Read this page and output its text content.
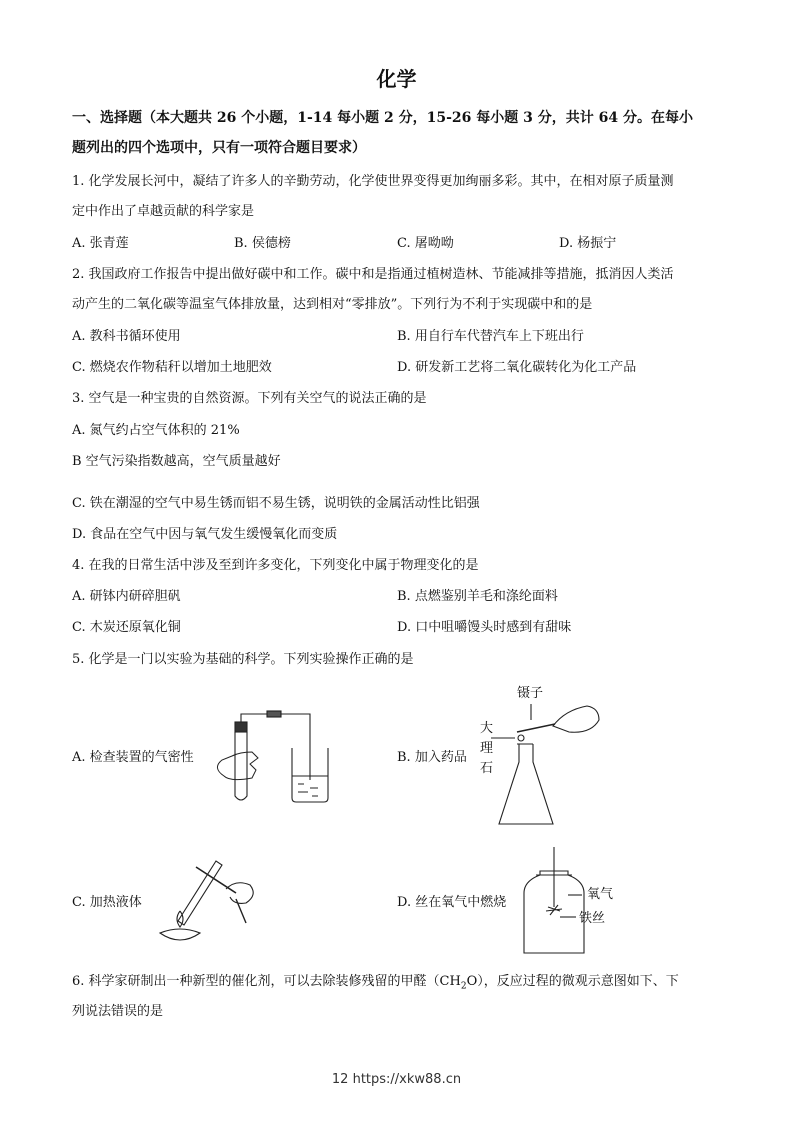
化学
一、选择题（本大题共 26 个小题，1-14 每小题 2 分，15-26 每小题 3 分，共计 64 分。在每小
题列出的四个选项中，只有一项符合题目要求）
1. 化学发展长河中，凝结了许多人的辛勤劳动，化学使世界变得更加绚丽多彩。其中，在相对原子质量测
定中作出了卓越贡献的科学家是
A. 张青莲	B. 侯德榜	C. 屠呦呦	D. 杨振宁
2. 我国政府工作报告中提出做好碳中和工作。碳中和是指通过植树造林、节能减排等措施，抵消因人类活
动产生的二氧化碳等温室气体排放量，达到相对“零排放”。下列行为不利于实现碳中和的是
A. 教科书循环使用	B. 用自行车代替汽车上下班出行
C. 燃烧农作物秸秆以增加土地肥效	D. 研发新工艺将二氧化碳转化为化工产品
3. 空气是一种宝贵的自然资源。下列有关空气的说法正确的是
A. 氮气约占空气体积的 21%
B 空气污染指数越高，空气质量越好
C. 铁在潮湿的空气中易生锈而铝不易生锈，说明铁的金属活动性比铝强
D. 食品在空气中因与氧气发生缓慢氧化而变质
4. 在我的日常生活中涉及至到许多变化，下列变化中属于物理变化的是
A. 研钵内研碎胆矾	B. 点燃鉴别羊毛和涤纶面料
C. 木炭还原氧化铜	D. 口中咀嚼馒头时感到有甜味
5. 化学是一门以实验为基础的科学。下列实验操作正确的是
A. 检查装置的气密性	B. 加入药品
镊子
大
理
石
C. 加热液体	D. 丝在氧气中燃烧
氧气
铁丝
6. 科学家研制出一种新型的催化剂，可以去除装修残留的甲醛$(CH_2O)$，反应过程的微观示意图如下、下
列说法错误的是
12 https://xkw88.cn
